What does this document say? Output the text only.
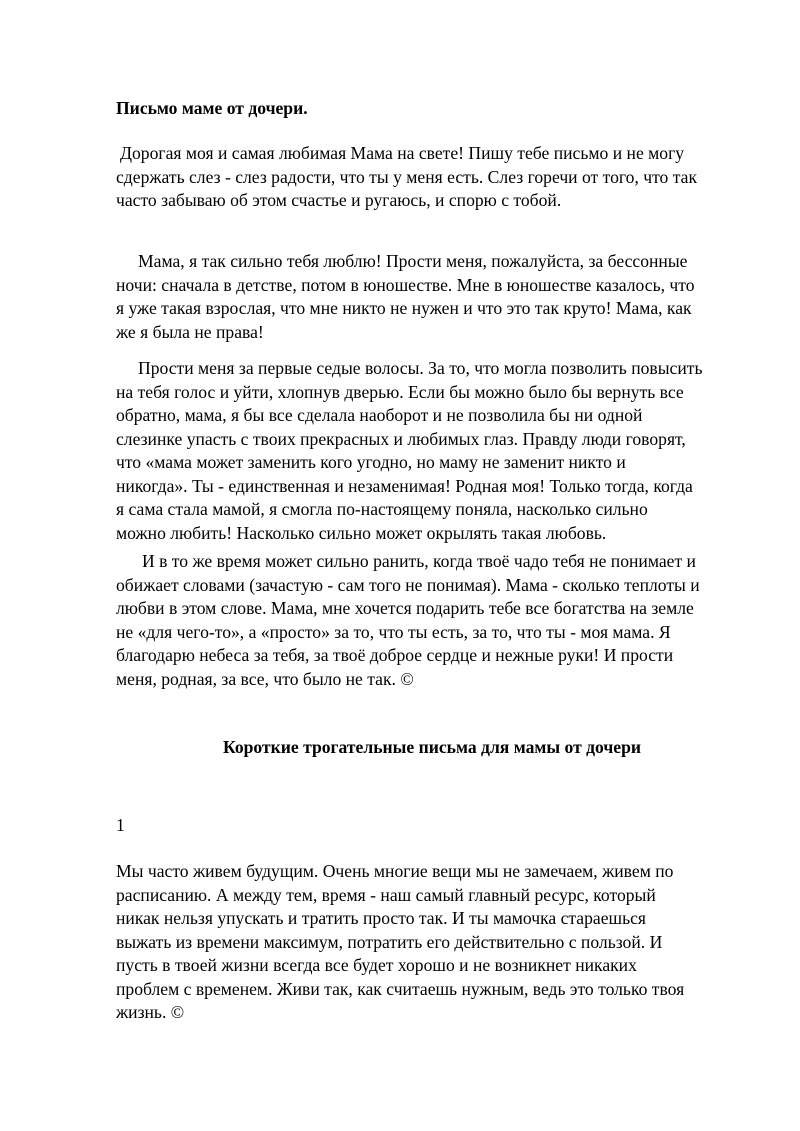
Письмо маме от дочери.

Дорогая моя и самая любимая Мама на свете! Пишу тебе письмо и не могу
сдержать слез - слез радости, что ты у меня есть. Слез горечи от того, что так
часто забываю об этом счастье и ругаюсь, и спорю с тобой.
Мама, я так сильно тебя люблю! Прости меня, пожалуйста, за бессонные
ночи: сначала в детстве, потом в юношестве. Мне в юношестве казалось, что
я уже такая взрослая, что мне никто не нужен и что это так круто! Мама, как
же я была не права!
Прости меня за первые седые волосы. За то, что могла позволить повысить
на тебя голос и уйти, хлопнув дверью. Если бы можно было бы вернуть все
обратно, мама, я бы все сделала наоборот и не позволила бы ни одной
слезинке упасть с твоих прекрасных и любимых глаз. Правду люди говорят,
что «мама может заменить кого угодно, но маму не заменит никто и
никогда». Ты - единственная и незаменимая! Родная моя! Только тогда, когда
я сама стала мамой, я смогла по-настоящему поняла, насколько сильно
можно любить! Насколько сильно может окрылять такая любовь.
И в то же время может сильно ранить, когда твоё чадо тебя не понимает и
обижает словами (зачастую - сам того не понимая). Мама - сколько теплоты и
любви в этом слове. Мама, мне хочется подарить тебе все богатства на земле
не «для чего-то», а «просто» за то, что ты есть, за то, что ты - моя мама. Я
благодарю небеса за тебя, за твоё доброе сердце и нежные руки! И прости
меня, родная, за все, что было не так. ©

Короткие трогательные письма для мамы от дочери

1

Мы часто живем будущим. Очень многие вещи мы не замечаем, живем по
расписанию. А между тем, время - наш самый главный ресурс, который
никак нельзя упускать и тратить просто так. И ты мамочка стараешься
выжать из времени максимум, потратить его действительно с пользой. И
пусть в твоей жизни всегда все будет хорошо и не возникнет никаких
проблем с временем. Живи так, как считаешь нужным, ведь это только твоя
жизнь. ©
